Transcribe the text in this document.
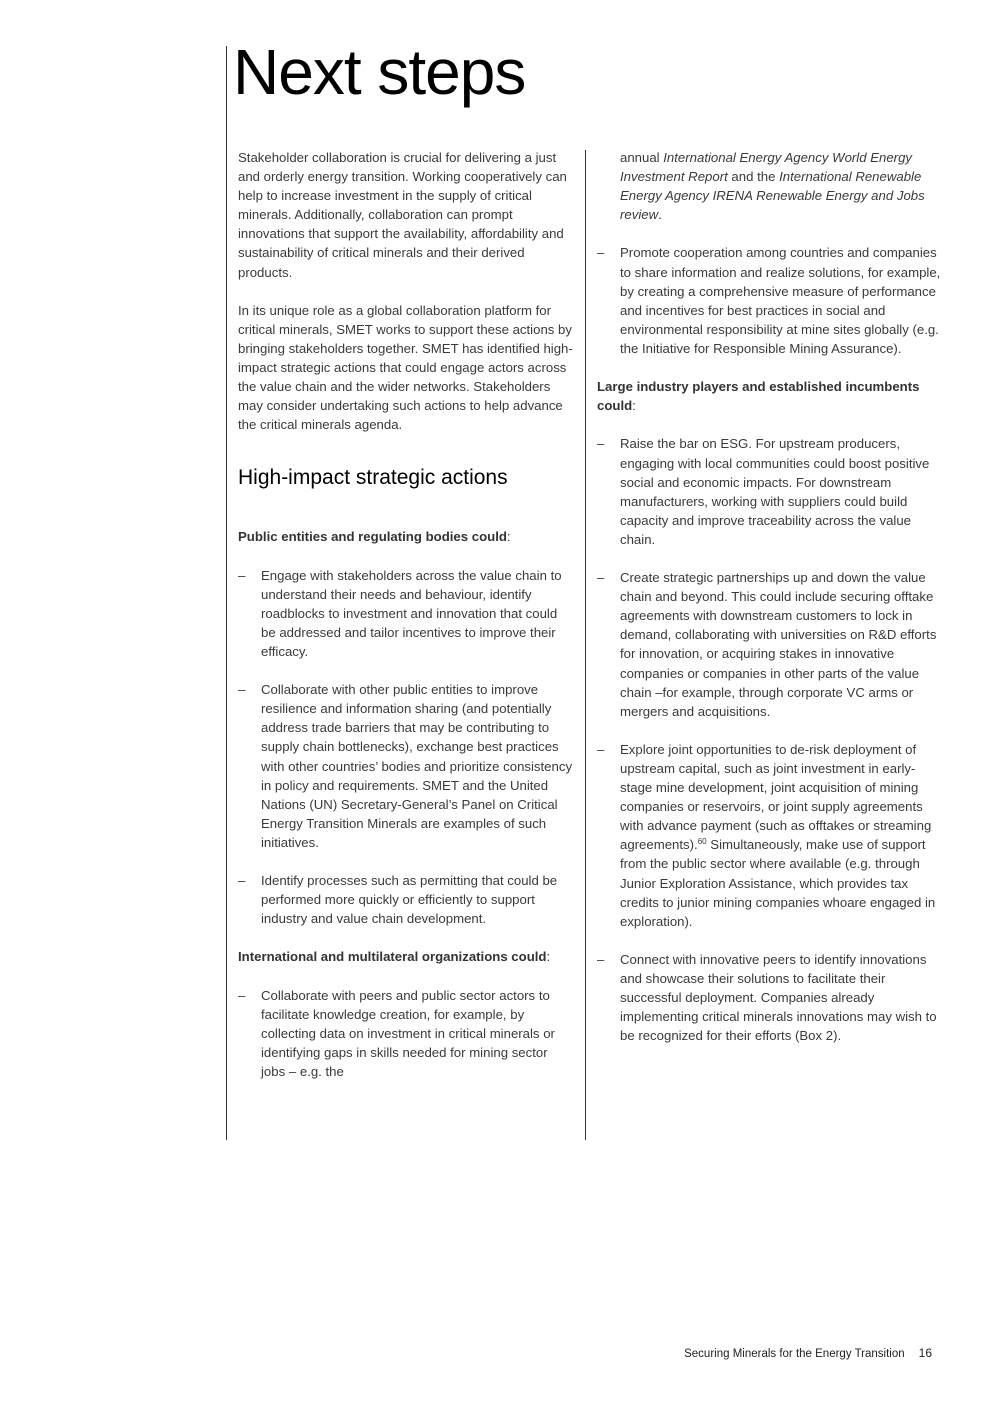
Next steps

Stakeholder collaboration is crucial for delivering a just and orderly energy transition. Working cooperatively can help to increase investment in the supply of critical minerals. Additionally, collaboration can prompt innovations that support the availability, affordability and sustainability of critical minerals and their derived products.

In its unique role as a global collaboration platform for critical minerals, SMET works to support these actions by bringing stakeholders together. SMET has identified high-impact strategic actions that could engage actors across the value chain and the wider networks. Stakeholders may consider undertaking such actions to help advance the critical minerals agenda.

High-impact strategic actions

Public entities and regulating bodies could:

– Engage with stakeholders across the value chain to understand their needs and behaviour, identify roadblocks to investment and innovation that could be addressed and tailor incentives to improve their efficacy.

– Collaborate with other public entities to improve resilience and information sharing (and potentially address trade barriers that may be contributing to supply chain bottlenecks), exchange best practices with other countries’ bodies and prioritize consistency in policy and requirements. SMET and the United Nations (UN) Secretary-General’s Panel on Critical Energy Transition Minerals are examples of such initiatives.

– Identify processes such as permitting that could be performed more quickly or efficiently to support industry and value chain development.

International and multilateral organizations could:

– Collaborate with peers and public sector actors to facilitate knowledge creation, for example, by collecting data on investment in critical minerals or identifying gaps in skills needed for mining sector jobs – e.g. the

annual International Energy Agency World Energy Investment Report and the International Renewable Energy Agency IRENA Renewable Energy and Jobs review.

– Promote cooperation among countries and companies to share information and realize solutions, for example, by creating a comprehensive measure of performance and incentives for best practices in social and environmental responsibility at mine sites globally (e.g. the Initiative for Responsible Mining Assurance).

Large industry players and established incumbents could:

– Raise the bar on ESG. For upstream producers, engaging with local communities could boost positive social and economic impacts. For downstream manufacturers, working with suppliers could build capacity and improve traceability across the value chain.

– Create strategic partnerships up and down the value chain and beyond. This could include securing offtake agreements with downstream customers to lock in demand, collaborating with universities on R&D efforts for innovation, or acquiring stakes in innovative companies or companies in other parts of the value chain –for example, through corporate VC arms or mergers and acquisitions.

– Explore joint opportunities to de-risk deployment of upstream capital, such as joint investment in early-stage mine development, joint acquisition of mining companies or reservoirs, or joint supply agreements with advance payment (such as offtakes or streaming agreements).$^{60}$ Simultaneously, make use of support from the public sector where available (e.g. through Junior Exploration Assistance, which provides tax credits to junior mining companies whoare engaged in exploration).

– Connect with innovative peers to identify innovations and showcase their solutions to facilitate their successful deployment. Companies already implementing critical minerals innovations may wish to be recognized for their efforts (Box 2).

Securing Minerals for the Energy Transition 16
